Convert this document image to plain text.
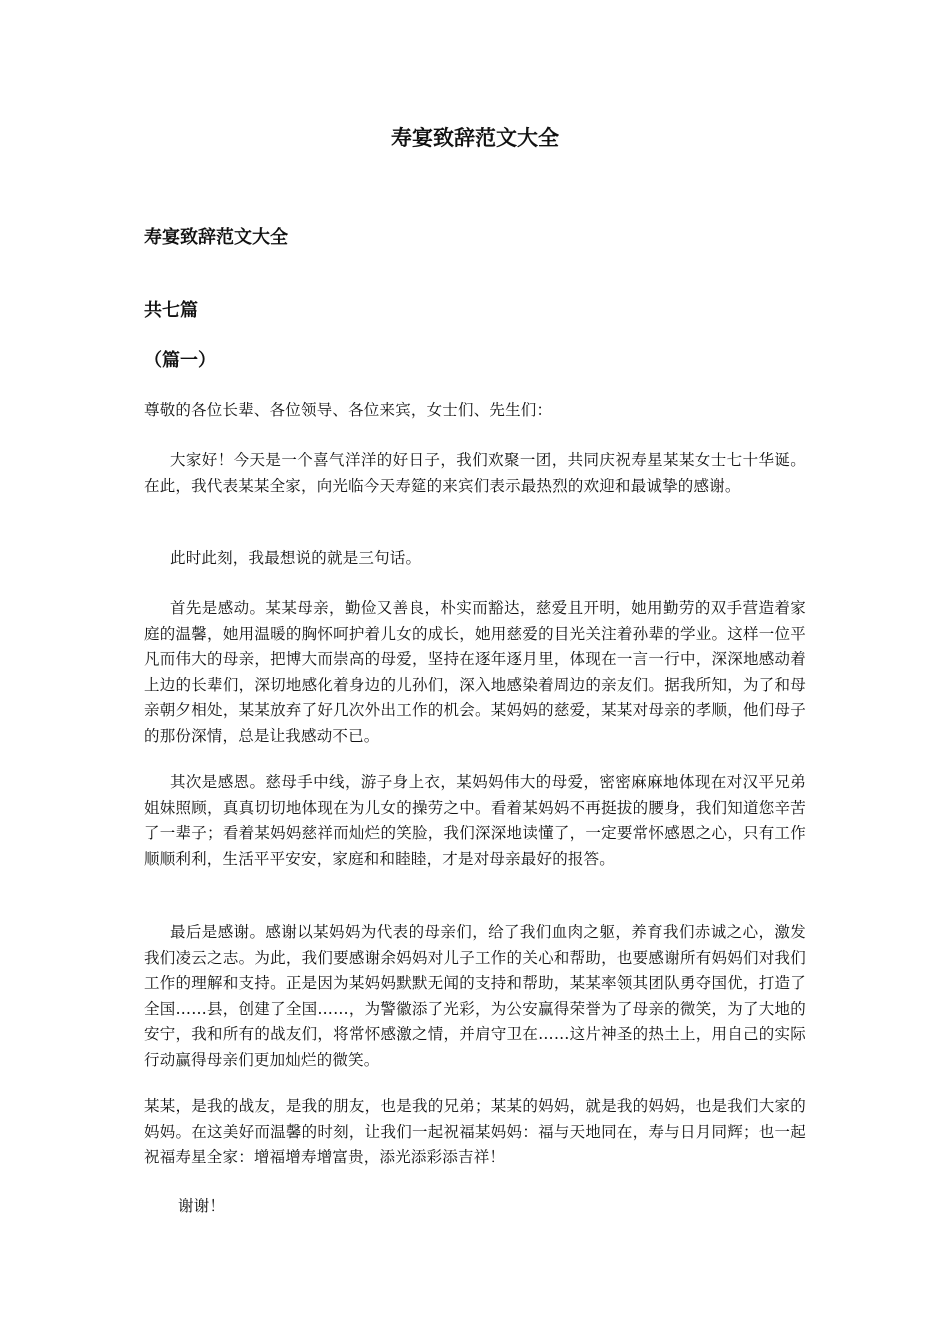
寿宴致辞范文大全
寿宴致辞范文大全
共七篇
（篇一）

尊敬的各位长辈、各位领导、各位来宾，女士们、先生们：

大家好！今天是一个喜气洋洋的好日子，我们欢聚一团，共同庆祝寿星某某女士七十华诞。在此，我代表某某全家，向光临今天寿筵的来宾们表示最热烈的欢迎和最诚挚的感谢。

此时此刻，我最想说的就是三句话。

首先是感动。某某母亲，勤俭又善良，朴实而豁达，慈爱且开明，她用勤劳的双手营造着家庭的温馨，她用温暖的胸怀呵护着儿女的成长，她用慈爱的目光关注着孙辈的学业。这样一位平凡而伟大的母亲，把博大而崇高的母爱，坚持在逐年逐月里，体现在一言一行中，深深地感动着上边的长辈们，深切地感化着身边的儿孙们，深入地感染着周边的亲友们。据我所知，为了和母亲朝夕相处，某某放弃了好几次外出工作的机会。某妈妈的慈爱，某某对母亲的孝顺，他们母子的那份深情，总是让我感动不已。

其次是感恩。慈母手中线，游子身上衣，某妈妈伟大的母爱，密密麻麻地体现在对汉平兄弟姐妹照顾，真真切切地体现在为儿女的操劳之中。看着某妈妈不再挺拔的腰身，我们知道您辛苦了一辈子；看着某妈妈慈祥而灿烂的笑脸，我们深深地读懂了，一定要常怀感恩之心，只有工作顺顺利利，生活平平安安，家庭和和睦睦，才是对母亲最好的报答。

最后是感谢。感谢以某妈妈为代表的母亲们，给了我们血肉之躯，养育我们赤诚之心，激发我们凌云之志。为此，我们要感谢余妈妈对儿子工作的关心和帮助，也要感谢所有妈妈们对我们工作的理解和支持。正是因为某妈妈默默无闻的支持和帮助，某某率领其团队勇夺国优，打造了全国……县，创建了全国……，为警徽添了光彩，为公安赢得荣誉为了母亲的微笑，为了大地的安宁，我和所有的战友们，将常怀感激之情，并肩守卫在……这片神圣的热土上，用自己的实际行动赢得母亲们更加灿烂的微笑。

某某，是我的战友，是我的朋友，也是我的兄弟；某某的妈妈，就是我的妈妈，也是我们大家的妈妈。在这美好而温馨的时刻，让我们一起祝福某妈妈：福与天地同在，寿与日月同辉；也一起祝福寿星全家：增福增寿增富贵，添光添彩添吉祥！

谢谢！
